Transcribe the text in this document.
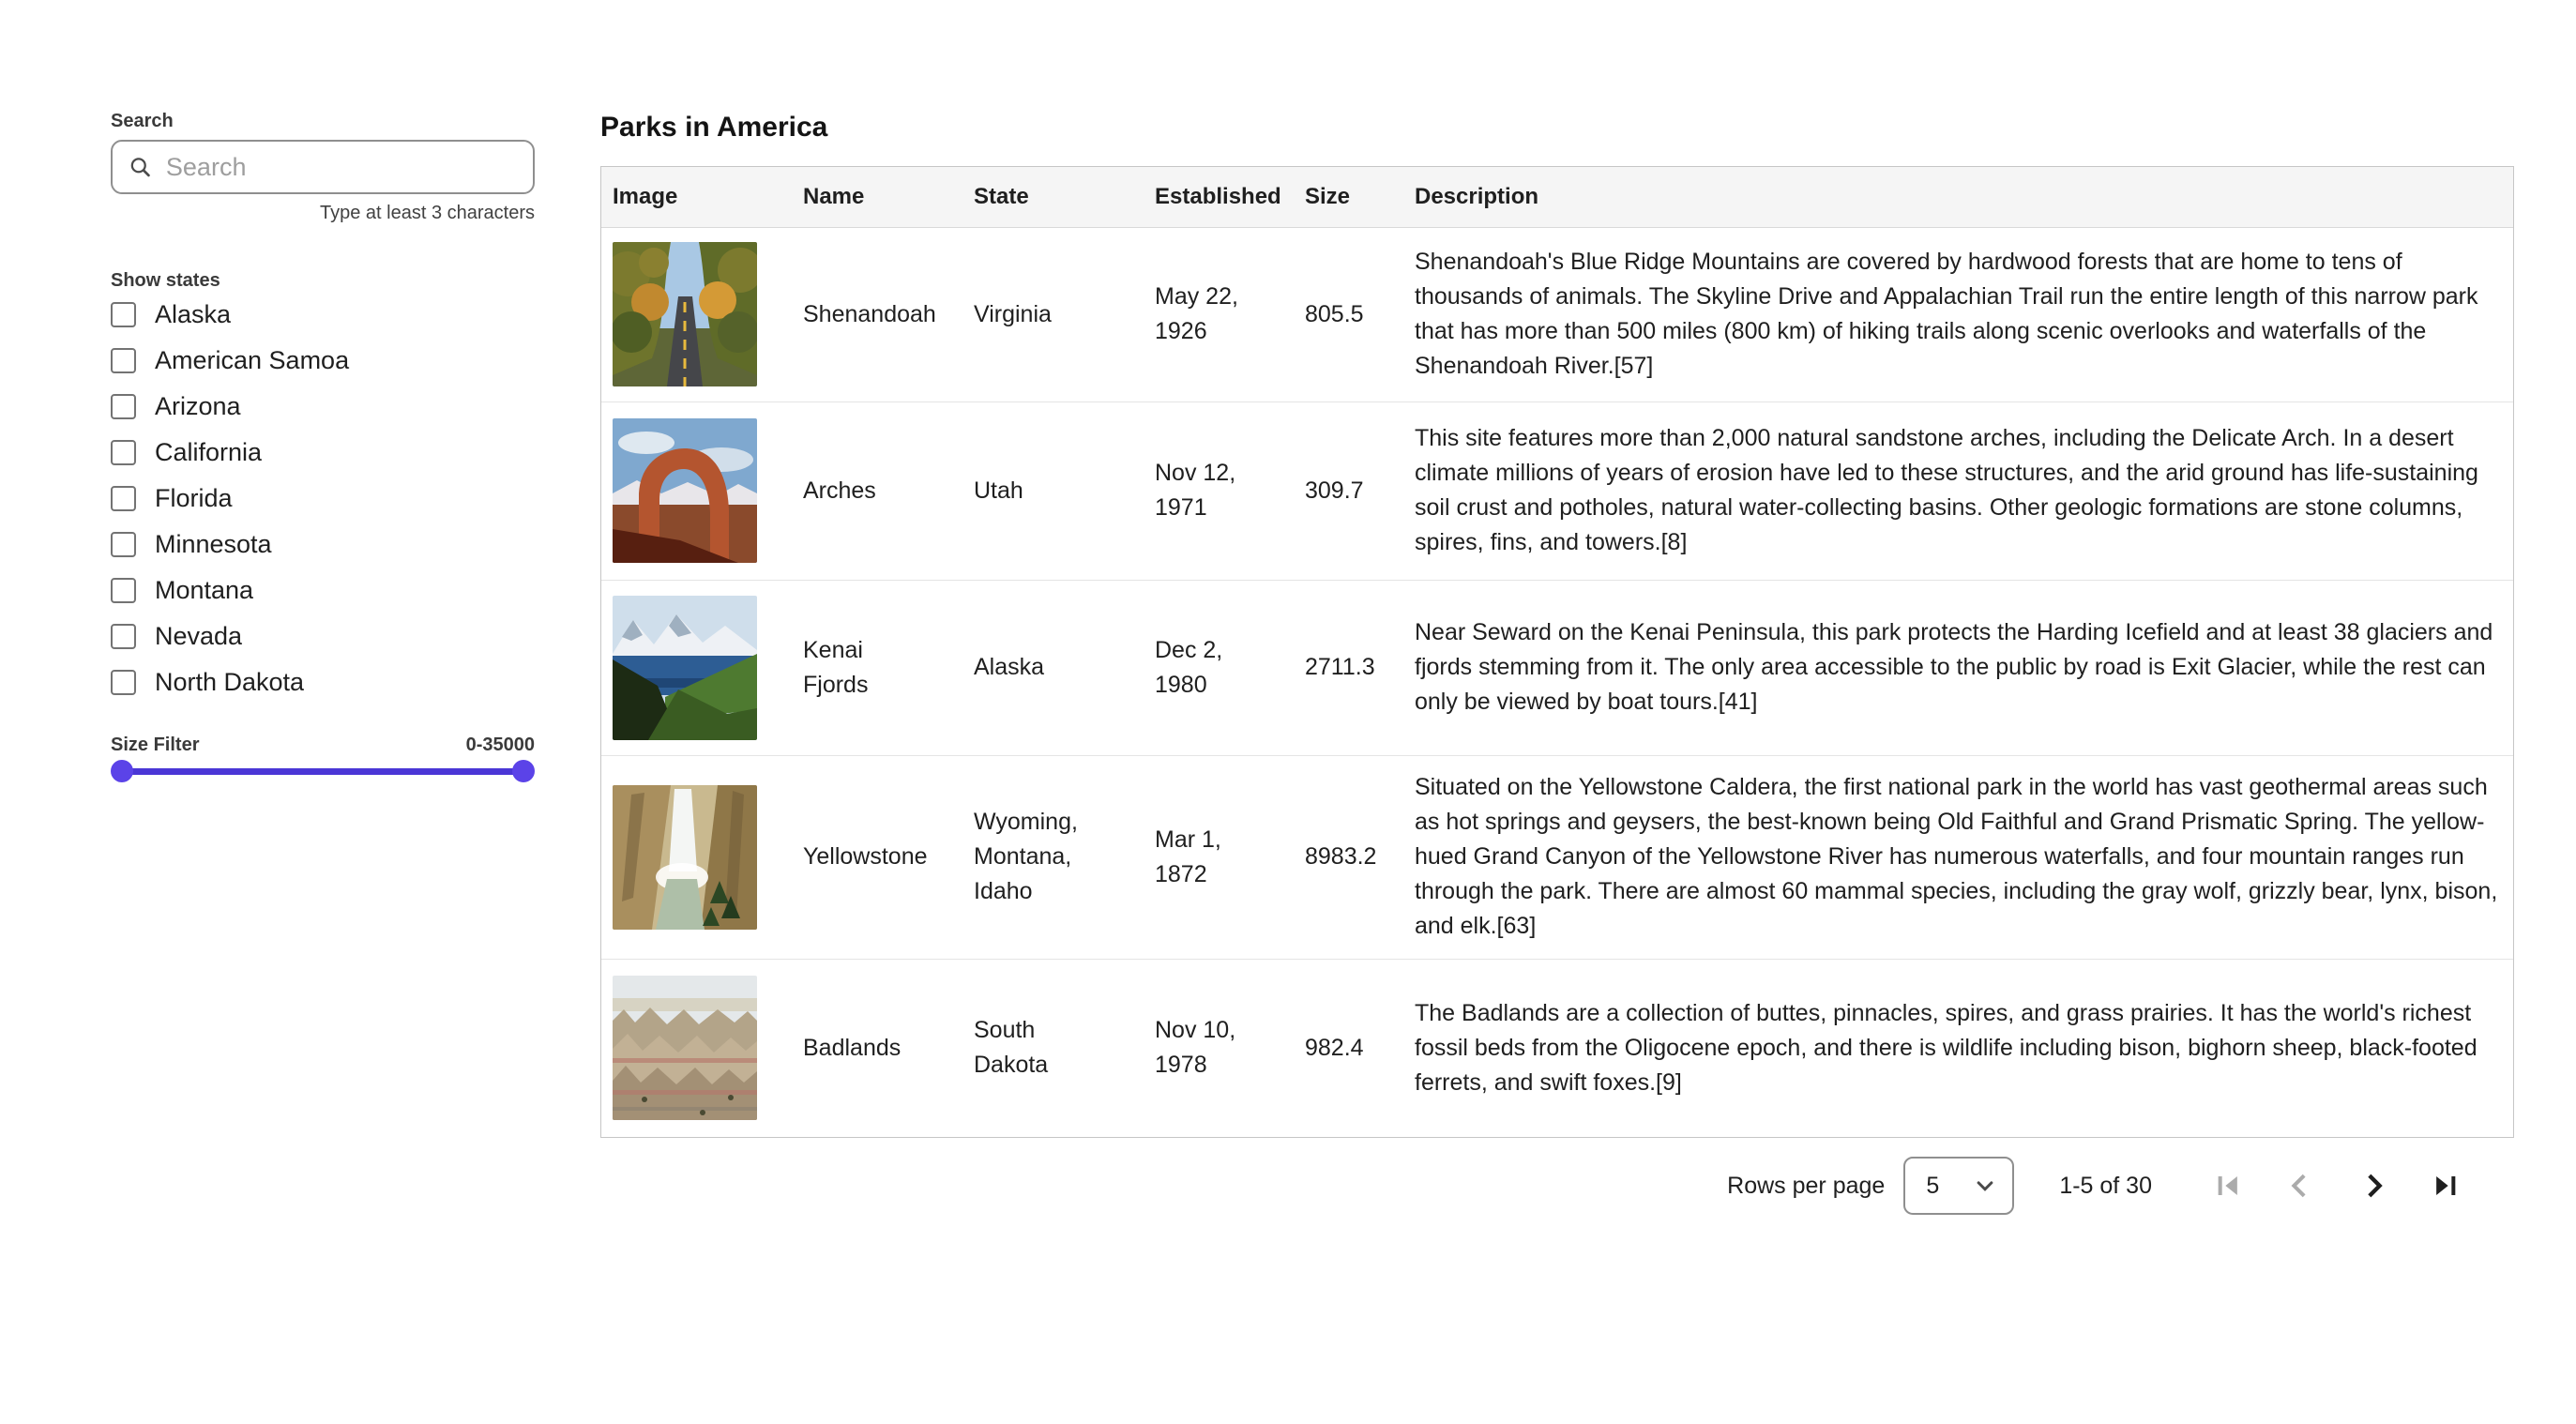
Search
Search
Type at least 3 characters
Show states
Alaska
American Samoa
Arizona
California
Florida
Minnesota
Montana
Nevada
North Dakota
Size Filter	0-35000
Parks in America
Image	Name	State	Established	Size	Description

	Shenandoah	Virginia	May 22, 1926	805.5	Shenandoah's Blue Ridge Mountains are covered by hardwood forests that are home to tens of thousands of animals. The Skyline Drive and Appalachian Trail run the entire length of this narrow park that has more than 500 miles (800 km) of hiking trails along scenic overlooks and waterfalls of the Shenandoah River.[57]

	Arches	Utah	Nov 12, 1971	309.7	This site features more than 2,000 natural sandstone arches, including the Delicate Arch. In a desert climate millions of years of erosion have led to these structures, and the arid ground has life-sustaining soil crust and potholes, natural water-collecting basins. Other geologic formations are stone columns, spires, fins, and towers.[8]

	Kenai Fjords	Alaska	Dec 2, 1980	2711.3	Near Seward on the Kenai Peninsula, this park protects the Harding Icefield and at least 38 glaciers and fjords stemming from it. The only area accessible to the public by road is Exit Glacier, while the rest can only be viewed by boat tours.[41]

	Yellowstone	Wyoming, Montana, Idaho	Mar 1, 1872	8983.2	Situated on the Yellowstone Caldera, the first national park in the world has vast geothermal areas such as hot springs and geysers, the best-known being Old Faithful and Grand Prismatic Spring. The yellow-hued Grand Canyon of the Yellowstone River has numerous waterfalls, and four mountain ranges run through the park. There are almost 60 mammal species, including the gray wolf, grizzly bear, lynx, bison, and elk.[63]

	Badlands	South Dakota	Nov 10, 1978	982.4	The Badlands are a collection of buttes, pinnacles, spires, and grass prairies. It has the world's richest fossil beds from the Oligocene epoch, and there is wildlife including bison, bighorn sheep, black-footed ferrets, and swift foxes.[9]
Rows per page 5	1-5 of 30
